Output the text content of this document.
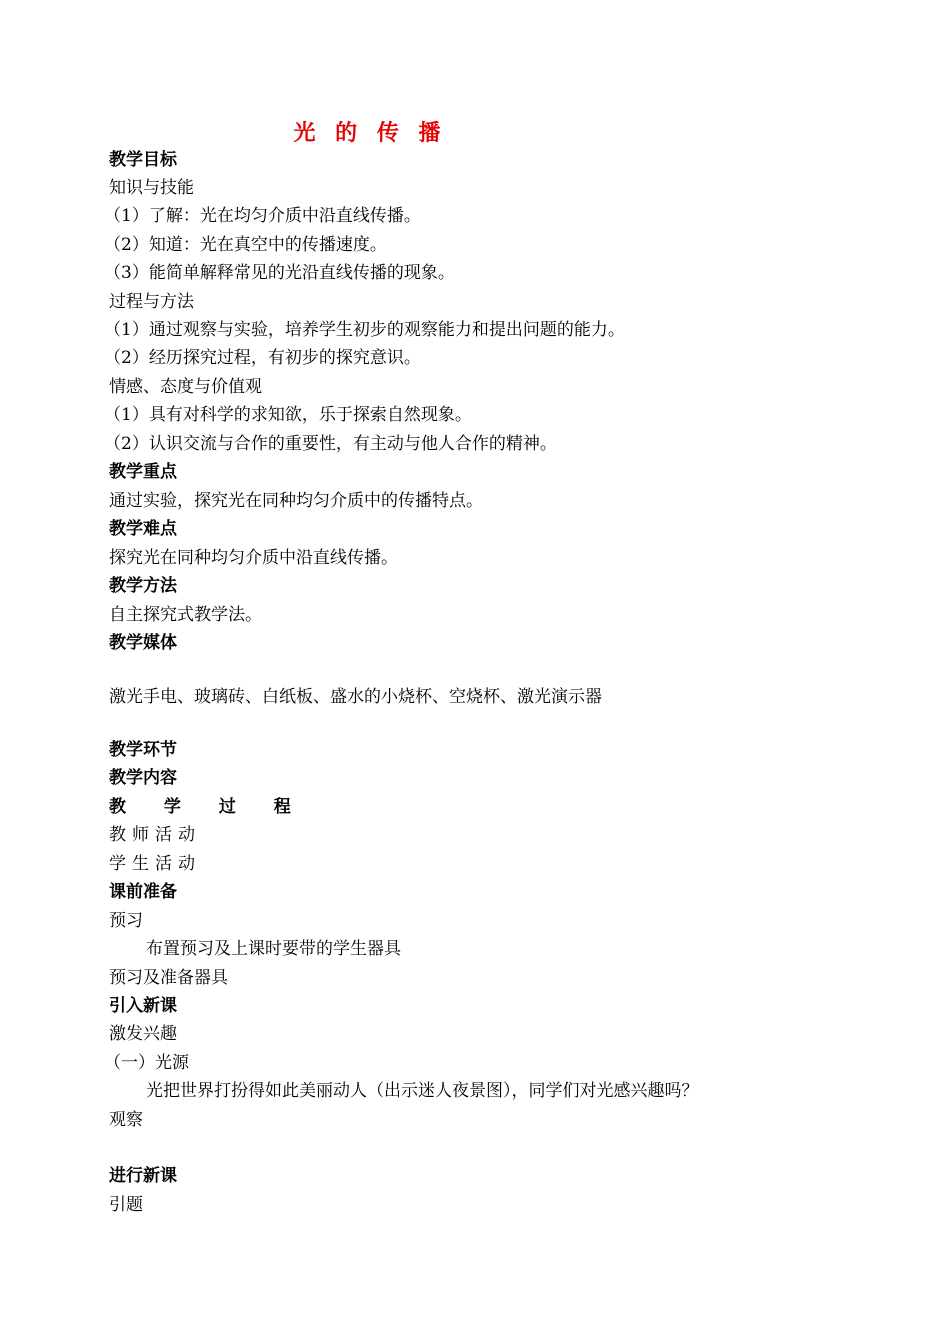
光 的 传 播
教学目标
知识与技能
（1）了解：光在均匀介质中沿直线传播。
（2）知道：光在真空中的传播速度。
（3）能简单解释常见的光沿直线传播的现象。
过程与方法
（1）通过观察与实验，培养学生初步的观察能力和提出问题的能力。
（2）经历探究过程，有初步的探究意识。
情感、态度与价值观
（1）具有对科学的求知欲，乐于探索自然现象。
（2）认识交流与合作的重要性，有主动与他人合作的精神。
教学重点
通过实验，探究光在同种均匀介质中的传播特点。
教学难点
探究光在同种均匀介质中沿直线传播。
教学方法
自主探究式教学法。
教学媒体
激光手电、玻璃砖、白纸板、盛水的小烧杯、空烧杯、激光演示器
教学环节
教学内容
教 学 过 程
教师活动
学生活动
课前准备
预习
布置预习及上课时要带的学生器具
预习及准备器具
引入新课
激发兴趣
（一）光源
光把世界打扮得如此美丽动人（出示迷人夜景图），同学们对光感兴趣吗？
观察
进行新课
引题
